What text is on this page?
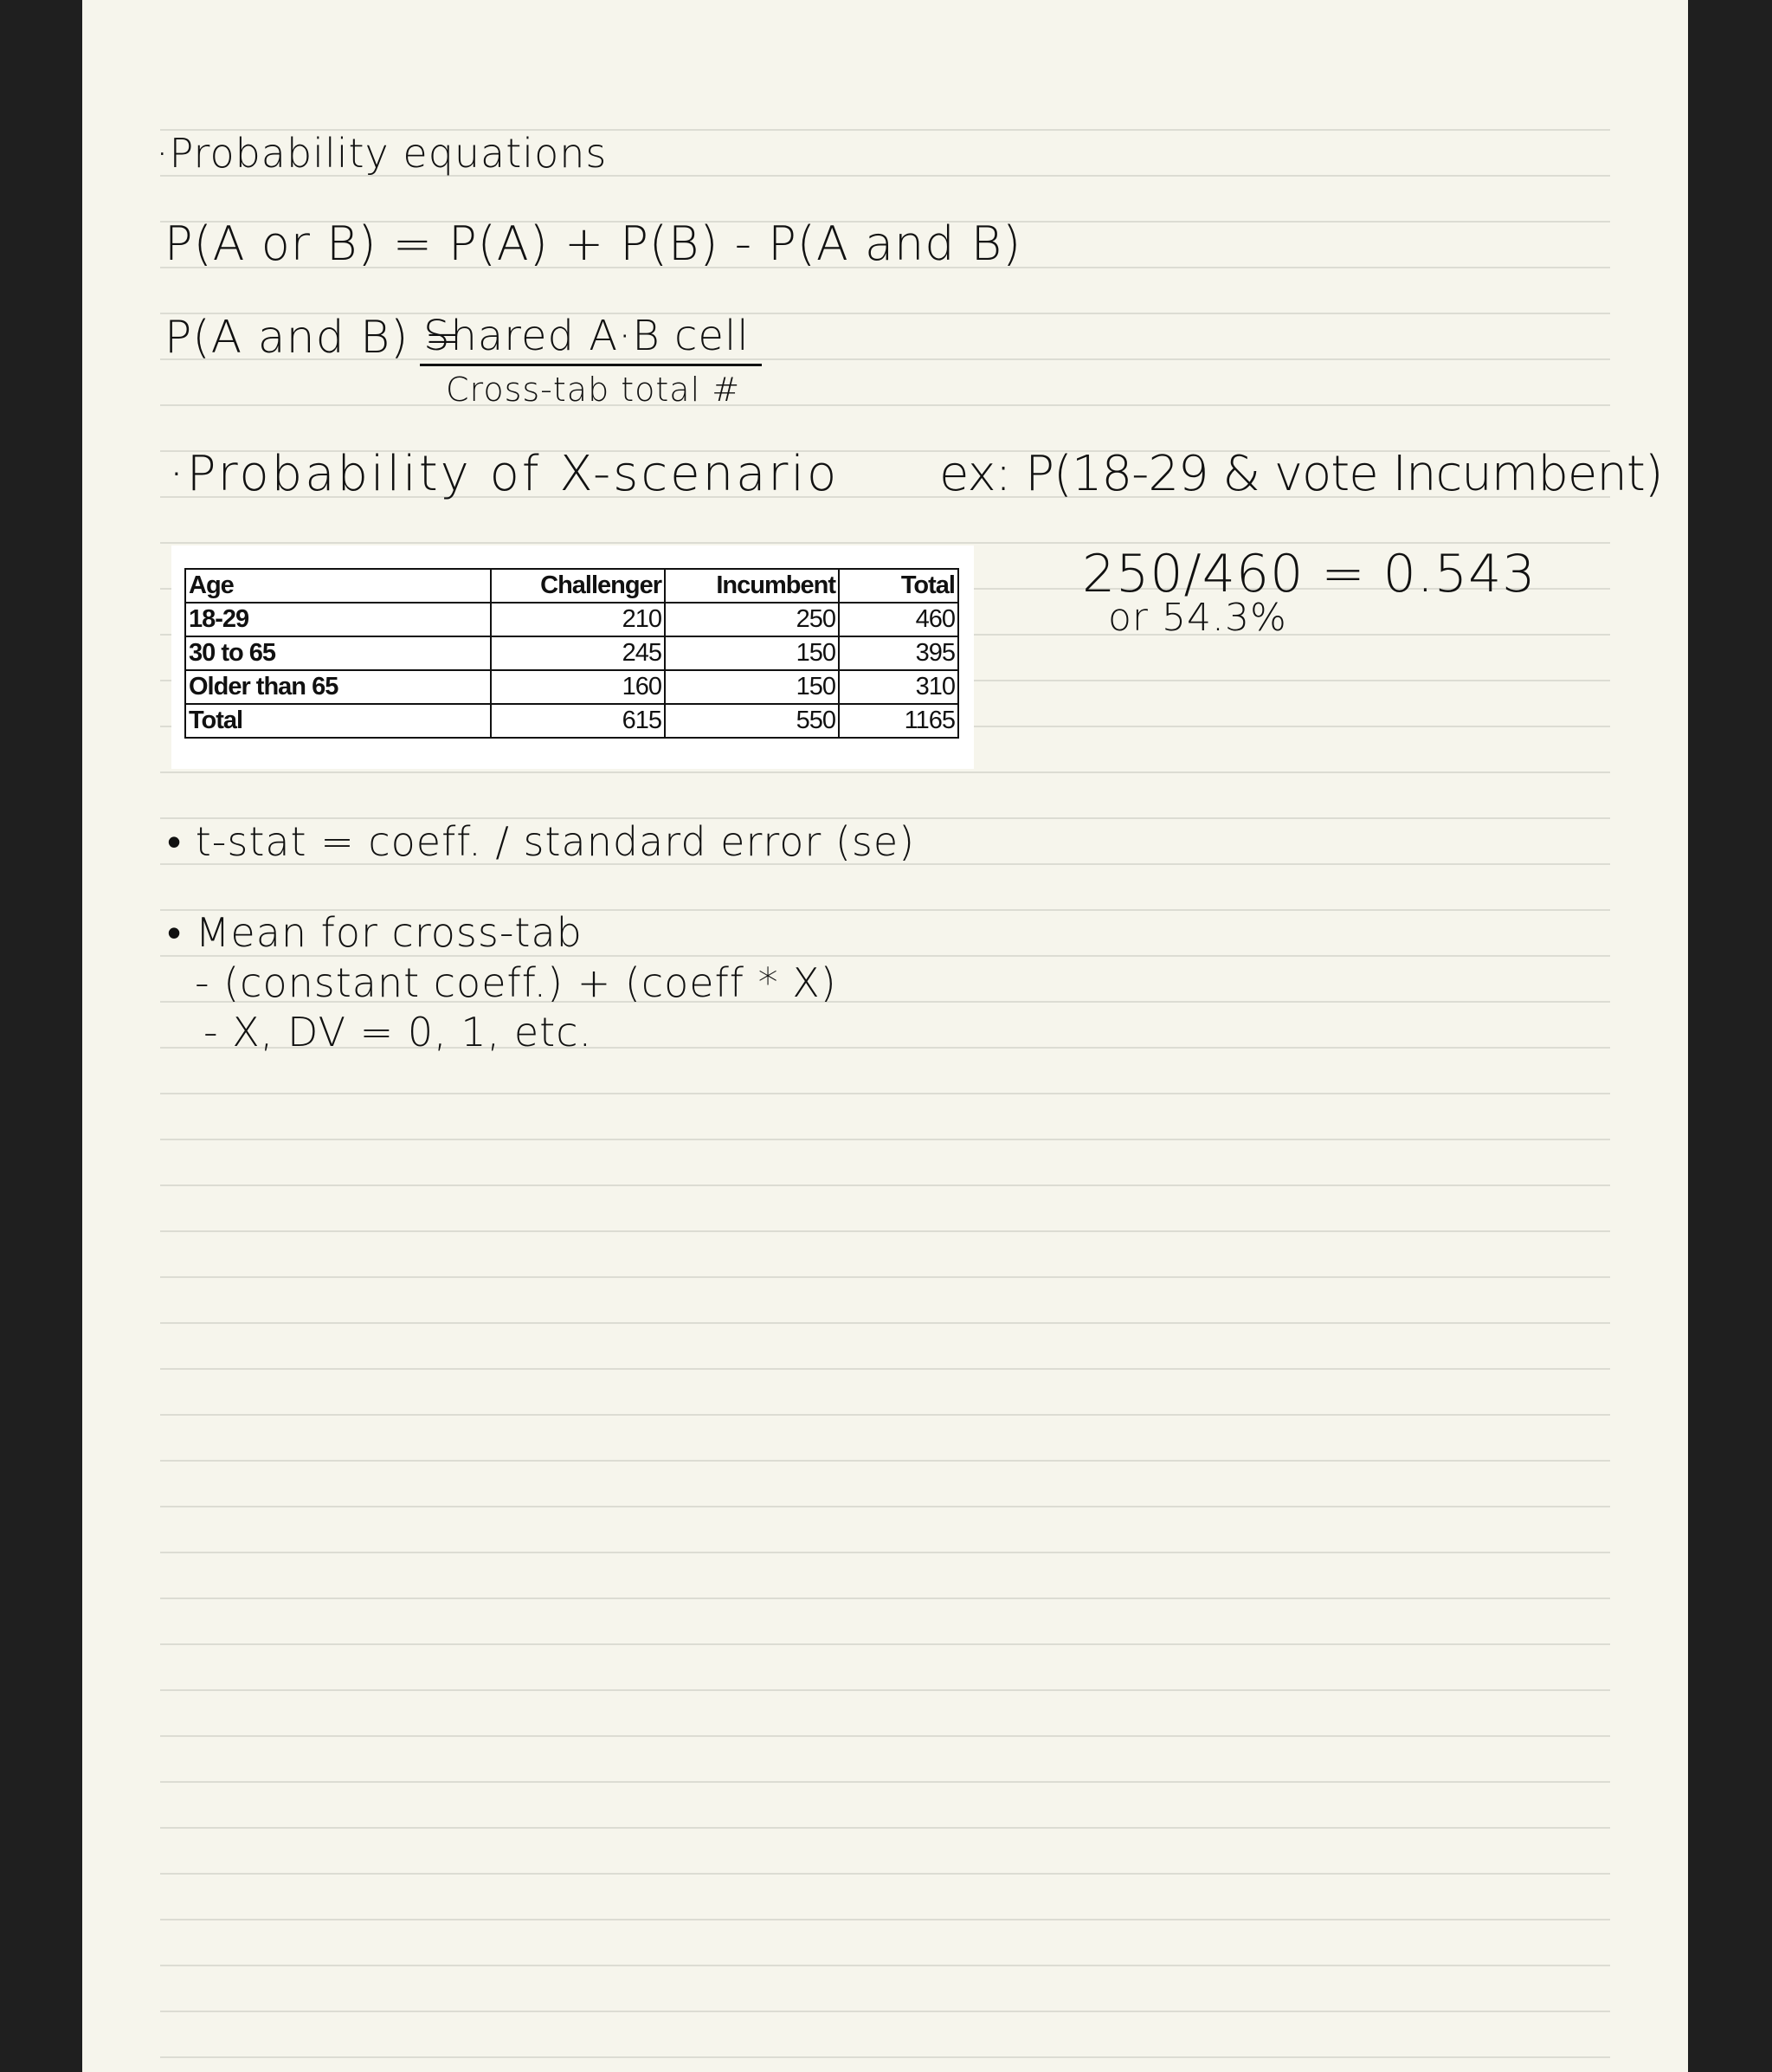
·Probability equations
P(A or B) = P(A) + P(B) - P(A and B)
P(A and B) =
Shared A·B cell
Cross-tab total #
·Probability of X-scenario ex: P(18-29 & vote Incumbent)
250/460 = 0.543
or 54.3%
Age	Challenger	Incumbent	Total
18-29	210	250	460
30 to 65	245	150	395
Older than 65	160	150	310
Total	615	550	1165
• t-stat = coeff. / standard error (se)
• Mean for cross-tab
- (constant coeff.) + (coeff * X)
- X, DV = 0, 1, etc.
